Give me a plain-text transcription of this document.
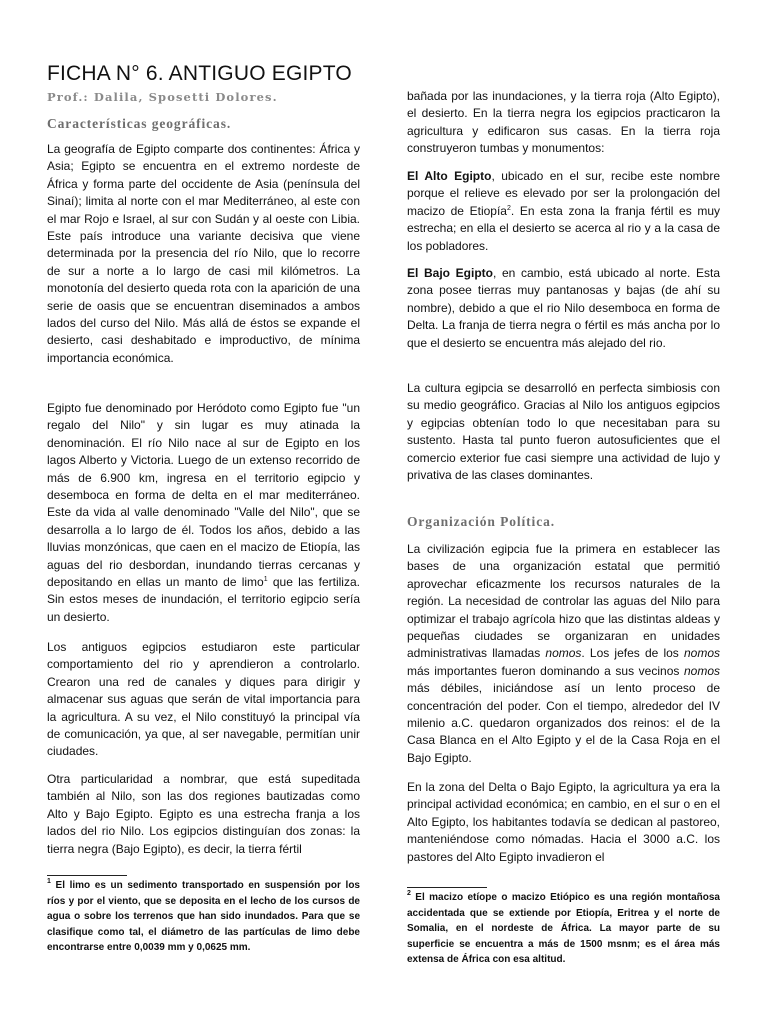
FICHA N° 6. ANTIGUO EGIPTO
Prof.: Dalila, Sposetti Dolores.
Características geográficas.

La geografía de Egipto comparte dos continentes: África y Asia; Egipto se encuentra en el extremo nordeste de África y forma parte del occidente de Asia (península del Sinaí); limita al norte con el mar Mediterráneo, al este con el mar Rojo e Israel, al sur con Sudán y al oeste con Libia. Este país introduce una variante decisiva que viene determinada por la presencia del río Nilo, que lo recorre de sur a norte a lo largo de casi mil kilómetros. La monotonía del desierto queda rota con la aparición de una serie de oasis que se encuentran diseminados a ambos lados del curso del Nilo. Más allá de éstos se expande el desierto, casi deshabitado e improductivo, de mínima importancia económica.

Egipto fue denominado por Heródoto como Egipto fue "un regalo del Nilo" y sin lugar es muy atinada la denominación. El río Nilo nace al sur de Egipto en los lagos Alberto y Victoria. Luego de un extenso recorrido de más de 6.900 km, ingresa en el territorio egipcio y desemboca en forma de delta en el mar mediterráneo. Este da vida al valle denominado "Valle del Nilo", que se desarrolla a lo largo de él. Todos los años, debido a las lluvias monzónicas, que caen en el macizo de Etiopía, las aguas del rio desbordan, inundando tierras cercanas y depositando en ellas un manto de limo$^1$ que las fertiliza. Sin estos meses de inundación, el territorio egipcio sería un desierto.

Los antiguos egipcios estudiaron este particular comportamiento del rio y aprendieron a controlarlo. Crearon una red de canales y diques para dirigir y almacenar sus aguas que serán de vital importancia para la agricultura. A su vez, el Nilo constituyó la principal vía de comunicación, ya que, al ser navegable, permitían unir ciudades.

Otra particularidad a nombrar, que está supeditada también al Nilo, son las dos regiones bautizadas como Alto y Bajo Egipto. Egipto es una estrecha franja a los lados del rio Nilo. Los egipcios distinguían dos zonas: la tierra negra (Bajo Egipto), es decir, la tierra fértil

$^1$ El limo es un sedimento transportado en suspensión por los ríos y por el viento, que se deposita en el lecho de los cursos de agua o sobre los terrenos que han sido inundados. Para que se clasifique como tal, el diámetro de las partículas de limo debe encontrarse entre 0,0039 mm y 0,0625 mm.

bañada por las inundaciones, y la tierra roja (Alto Egipto), el desierto. En la tierra negra los egipcios practicaron la agricultura y edificaron sus casas. En la tierra roja construyeron tumbas y monumentos:

El Alto Egipto, ubicado en el sur, recibe este nombre porque el relieve es elevado por ser la prolongación del macizo de Etiopía$^2$. En esta zona la franja fértil es muy estrecha; en ella el desierto se acerca al rio y a la casa de los pobladores.

El Bajo Egipto, en cambio, está ubicado al norte. Esta zona posee tierras muy pantanosas y bajas (de ahí su nombre), debido a que el rio Nilo desemboca en forma de Delta. La franja de tierra negra o fértil es más ancha por lo que el desierto se encuentra más alejado del rio.

La cultura egipcia se desarrolló en perfecta simbiosis con su medio geográfico. Gracias al Nilo los antiguos egipcios y egipcias obtenían todo lo que necesitaban para su sustento. Hasta tal punto fueron autosuficientes que el comercio exterior fue casi siempre una actividad de lujo y privativa de las clases dominantes.

Organización Política.

La civilización egipcia fue la primera en establecer las bases de una organización estatal que permitió aprovechar eficazmente los recursos naturales de la región. La necesidad de controlar las aguas del Nilo para optimizar el trabajo agrícola hizo que las distintas aldeas y pequeñas ciudades se organizaran en unidades administrativas llamadas nomos. Los jefes de los nomos más importantes fueron dominando a sus vecinos nomos más débiles, iniciándose así un lento proceso de concentración del poder. Con el tiempo, alrededor del IV milenio a.C. quedaron organizados dos reinos: el de la Casa Blanca en el Alto Egipto y el de la Casa Roja en el Bajo Egipto.

En la zona del Delta o Bajo Egipto, la agricultura ya era la principal actividad económica; en cambio, en el sur o en el Alto Egipto, los habitantes todavía se dedican al pastoreo, manteniéndose como nómadas. Hacia el 3000 a.C. los pastores del Alto Egipto invadieron el

$^2$ El macizo etíope o macizo Etiópico es una región montañosa accidentada que se extiende por Etiopía, Eritrea y el norte de Somalia, en el nordeste de África. La mayor parte de su superficie se encuentra a más de 1500 msnm; es el área más extensa de África con esa altitud.
